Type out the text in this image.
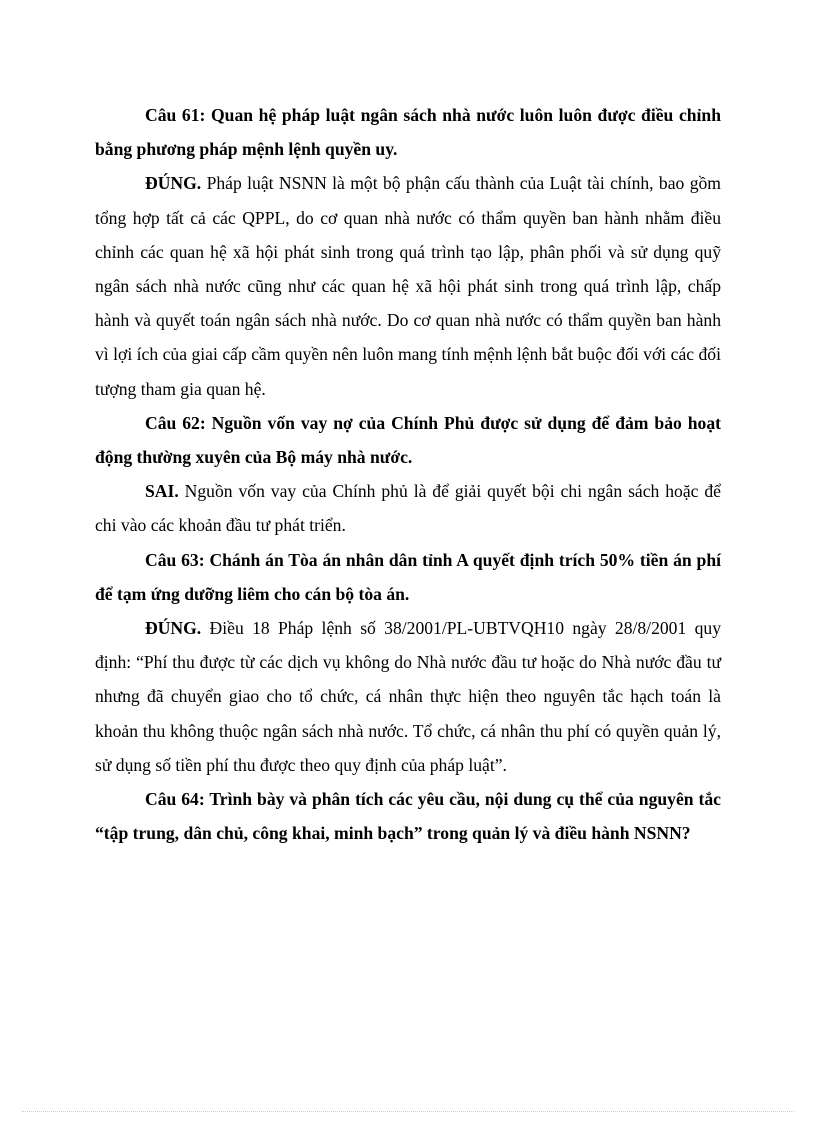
Câu 61: Quan hệ pháp luật ngân sách nhà nước luôn luôn được điều chỉnh bằng phương pháp mệnh lệnh quyền uy.

ĐÚNG. Pháp luật NSNN là một bộ phận cấu thành của Luật tài chính, bao gồm tổng hợp tất cả các QPPL, do cơ quan nhà nước có thẩm quyền ban hành nhằm điều chỉnh các quan hệ xã hội phát sinh trong quá trình tạo lập, phân phối và sử dụng quỹ ngân sách nhà nước cũng như các quan hệ xã hội phát sinh trong quá trình lập, chấp hành và quyết toán ngân sách nhà nước. Do cơ quan nhà nước có thẩm quyền ban hành vì lợi ích của giai cấp cầm quyền nên luôn mang tính mệnh lệnh bắt buộc đối với các đối tượng tham gia quan hệ.

Câu 62: Nguồn vốn vay nợ của Chính Phủ được sử dụng để đảm bảo hoạt động thường xuyên của Bộ máy nhà nước.

SAI. Nguồn vốn vay của Chính phủ là để giải quyết bội chi ngân sách hoặc để chi vào các khoản đầu tư phát triển.

Câu 63: Chánh án Tòa án nhân dân tỉnh A quyết định trích 50% tiền án phí để tạm ứng dưỡng liêm cho cán bộ tòa án.

ĐÚNG. Điều 18 Pháp lệnh số 38/2001/PL-UBTVQH10 ngày 28/8/2001 quy định: “Phí thu được từ các dịch vụ không do Nhà nước đầu tư hoặc do Nhà nước đầu tư nhưng đã chuyển giao cho tổ chức, cá nhân thực hiện theo nguyên tắc hạch toán là khoản thu không thuộc ngân sách nhà nước. Tổ chức, cá nhân thu phí có quyền quản lý, sử dụng số tiền phí thu được theo quy định của pháp luật”.

Câu 64: Trình bày và phân tích các yêu cầu, nội dung cụ thể của nguyên tắc “tập trung, dân chủ, công khai, minh bạch” trong quản lý và điều hành NSNN?
